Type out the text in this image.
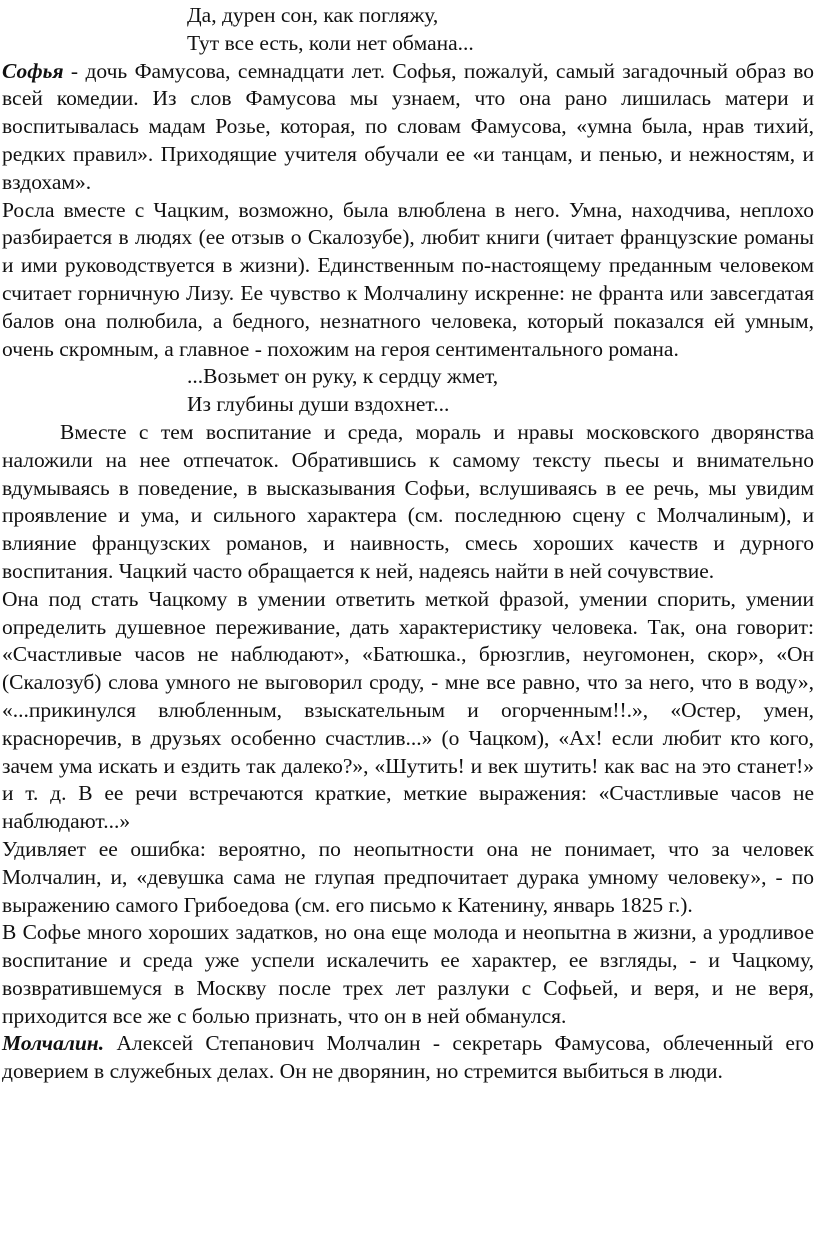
Да, дурен сон, как погляжу,

Тут все есть, коли нет обмана...

Софья - дочь Фамусова, семнадцати лет. Софья, пожалуй, самый загадочный образ во всей комедии. Из слов Фамусова мы узнаем, что она рано лишилась матери и воспитывалась мадам Розье, которая, по словам Фамусова, «умна была, нрав тихий, редких правил». Приходящие учителя обучали ее «и танцам, и пенью, и нежностям, и вздохам».

Росла вместе с Чацким, возможно, была влюблена в него. Умна, находчива, неплохо разбирается в людях (ее отзыв о Скалозубе), любит книги (читает французские романы и ими руководствуется в жизни). Единственным по-настоящему преданным человеком считает горничную Лизу. Ее чувство к Молчалину искренне: не франта или завсегдатая балов она полюбила, а бедного, незнатного человека, который показался ей умным, очень скромным, а главное - похожим на героя сентиментального романа.

...Возьмет он руку, к сердцу жмет,

Из глубины души вздохнет...

Вместе с тем воспитание и среда, мораль и нравы московского дворянства наложили на нее отпечаток. Обратившись к самому тексту пьесы и внимательно вдумываясь в поведение, в высказывания Софьи, вслушиваясь в ее речь, мы увидим проявление и ума, и сильного характера (см. последнюю сцену с Молчалиным), и влияние французских романов, и наивность, смесь хороших качеств и дурного воспитания. Чацкий часто обращается к ней, надеясь найти в ней сочувствие.

Она под стать Чацкому в умении ответить меткой фразой, умении спорить, умении определить душевное переживание, дать характеристику человека. Так, она говорит: «Счастливые часов не наблюдают», «Батюшка., брюзглив, неугомонен, скор», «Он (Скалозуб) слова умного не выговорил сроду, - мне все равно, что за него, что в воду», «...прикинулся влюбленным, взыскательным и огорченным!!.», «Остер, умен, красноречив, в друзьях особенно счастлив...» (о Чацком), «Ах! если любит кто кого, зачем ума искать и ездить так далеко?», «Шутить! и век шутить! как вас на это станет!» и т. д. В ее речи встречаются краткие, меткие выражения: «Счастливые часов не наблюдают...»

Удивляет ее ошибка: вероятно, по неопытности она не понимает, что за человек Молчалин, и, «девушка сама не глупая предпочитает дурака умному человеку», - по выражению самого Грибоедова (см. его письмо к Катенину, январь 1825 г.).

В Софье много хороших задатков, но она еще молода и неопытна в жизни, а уродливое воспитание и среда уже успели искалечить ее характер, ее взгляды, - и Чацкому, возвратившемуся в Москву после трех лет разлуки с Софьей, и веря, и не веря, приходится все же с болью признать, что он в ней обманулся.

Молчалин. Алексей Степанович Молчалин - секретарь Фамусова, облеченный его доверием в служебных делах. Он не дворянин, но стремится выбиться в люди.
